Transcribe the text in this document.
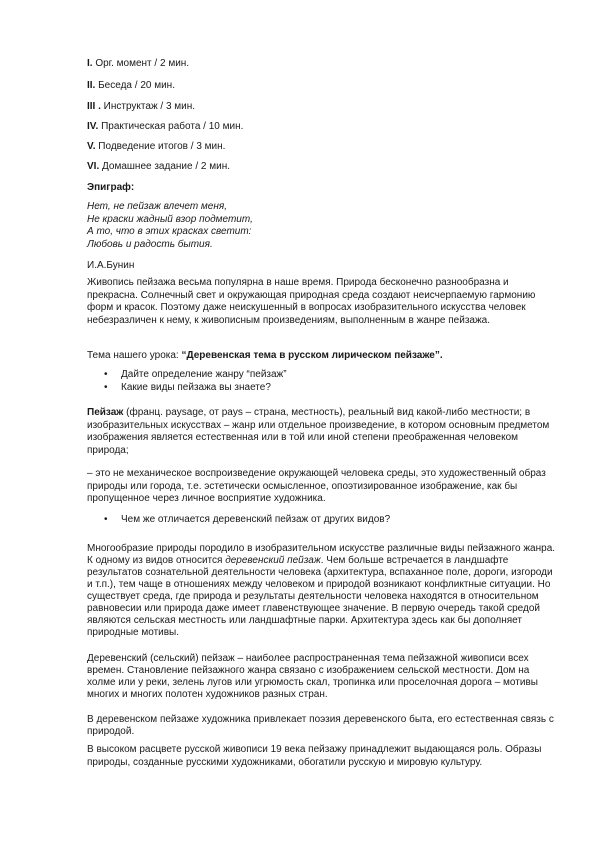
I. Орг. момент / 2 мин.
II. Беседа / 20 мин.
III . Инструктаж / 3 мин.
IV. Практическая работа / 10 мин.
V. Подведение итогов / 3 мин.
VI. Домашнее задание / 2 мин.
Эпиграф:
Нет, не пейзаж влечет меня,
Не краски жадный взор подметит,
А то, что в этих красках светит:
Любовь и радость бытия.
И.А.Бунин
Живопись пейзажа весьма популярна в наше время. Природа бесконечно разнообразна и прекрасна. Солнечный свет и окружающая природная среда создают неисчерпаемую гармонию форм и красок. Поэтому даже неискушенный в вопросах изобразительного искусства человек небезразличен к нему, к живописным произведениям, выполненным в жанре пейзажа.
Тема нашего урока: “Деревенская тема в русском лирическом пейзаже”.
• Дайте определение жанру “пейзаж”
• Какие виды пейзажа вы знаете?
Пейзаж (франц. paysage, от pays – страна, местность), реальный вид какой-либо местности; в изобразительных искусствах – жанр или отдельное произведение, в котором основным предметом изображения является естественная или в той или иной степени преображенная человеком природа;
– это не механическое воспроизведение окружающей человека среды, это художественный образ природы или города, т.е. эстетически осмысленное, опоэтизированное изображение, как бы пропущенное через личное восприятие художника.
• Чем же отличается деревенский пейзаж от других видов?
Многообразие природы породило в изобразительном искусстве различные виды пейзажного жанра. К одному из видов относится деревенский пейзаж. Чем больше встречается в ландшафте результатов сознательной деятельности человека (архитектура, вспаханное поле, дороги, изгороди и т.п.), тем чаще в отношениях между человеком и природой возникают конфликтные ситуации. Но существует среда, где природа и результаты деятельности человека находятся в относительном равновесии или природа даже имеет главенствующее значение. В первую очередь такой средой являются сельская местность или ландшафтные парки. Архитектура здесь как бы дополняет природные мотивы.
Деревенский (сельский) пейзаж – наиболее распространенная тема пейзажной живописи всех времен. Становление пейзажного жанра связано с изображением сельской местности. Дом на холме или у реки, зелень лугов или угрюмость скал, тропинка или проселочная дорога – мотивы многих и многих полотен художников разных стран.
В деревенском пейзаже художника привлекает поэзия деревенского быта, его естественная связь с природой.
В высоком расцвете русской живописи 19 века пейзажу принадлежит выдающаяся роль. Образы природы, созданные русскими художниками, обогатили русскую и мировую культуру.
